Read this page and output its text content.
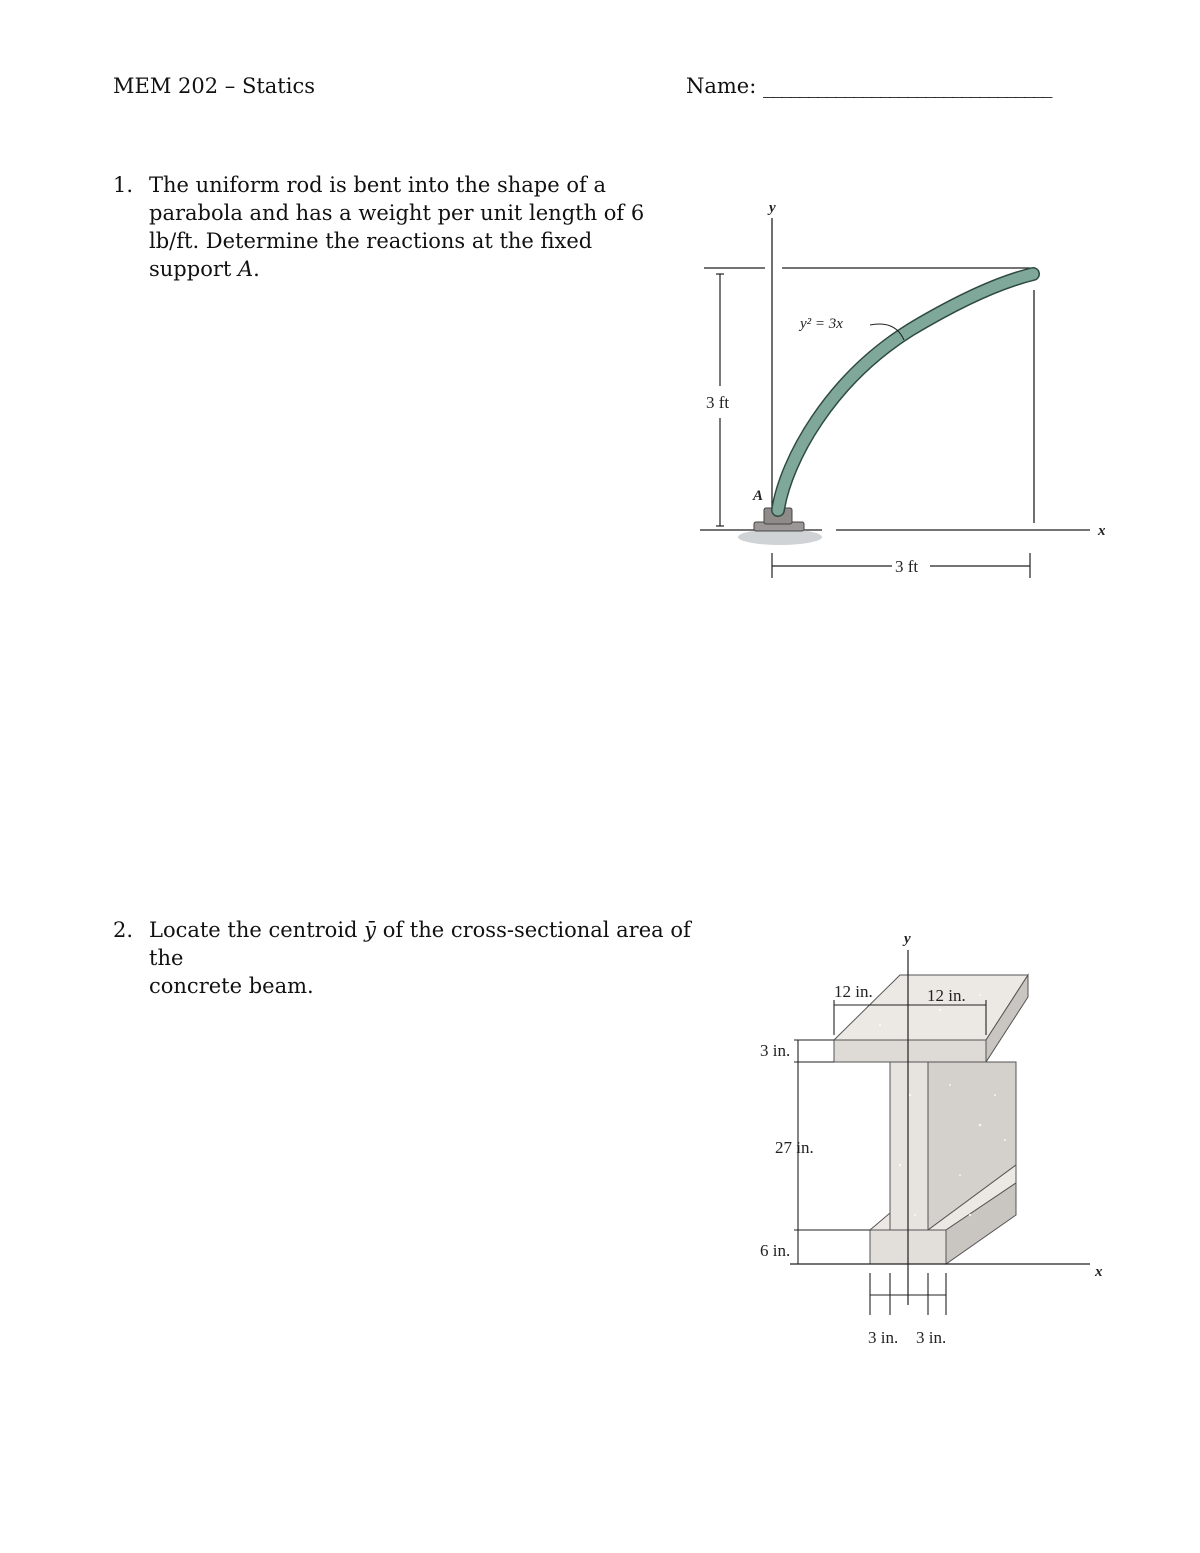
MEM 202 – Statics	Name: ________________________________
1. The uniform rod is bent into the shape of a
parabola and has a weight per unit length of 6
lb/ft. Determine the reactions at the fixed
support A.
y
x
3 ft
3 ft
y² = 3x
A
2. Locate the centroid ȳ of the cross-sectional area of the
concrete beam.
y
x
12 in.	12 in.
3 in.
27 in.
6 in.
3 in. 3 in.
